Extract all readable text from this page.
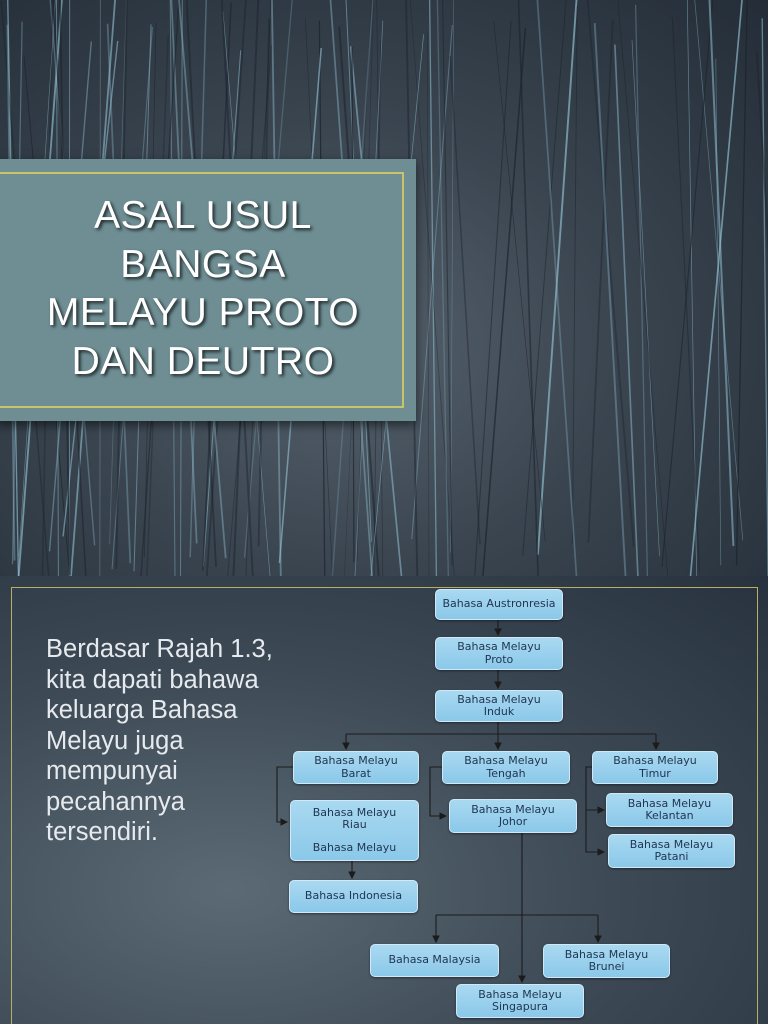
ASAL USUL
BANGSA
MELAYU PROTO
DAN DEUTRO

Berdasar Rajah 1.3, kita dapati bahawa keluarga Bahasa Melayu juga mempunyai pecahannya tersendiri.

Bahasa Austronresia
Bahasa Melayu
Proto
Bahasa Melayu
Induk
Bahasa Melayu
Barat
Bahasa Melayu
Tengah
Bahasa Melayu
Timur
Bahasa Melayu
Riau
Bahasa Melayu
Bahasa Melayu
Johor
Bahasa Melayu
Kelantan
Bahasa Melayu
Patani
Bahasa Indonesia
Bahasa Malaysia	Bahasa Melayu
Brunei
Bahasa Melayu
Singapura
